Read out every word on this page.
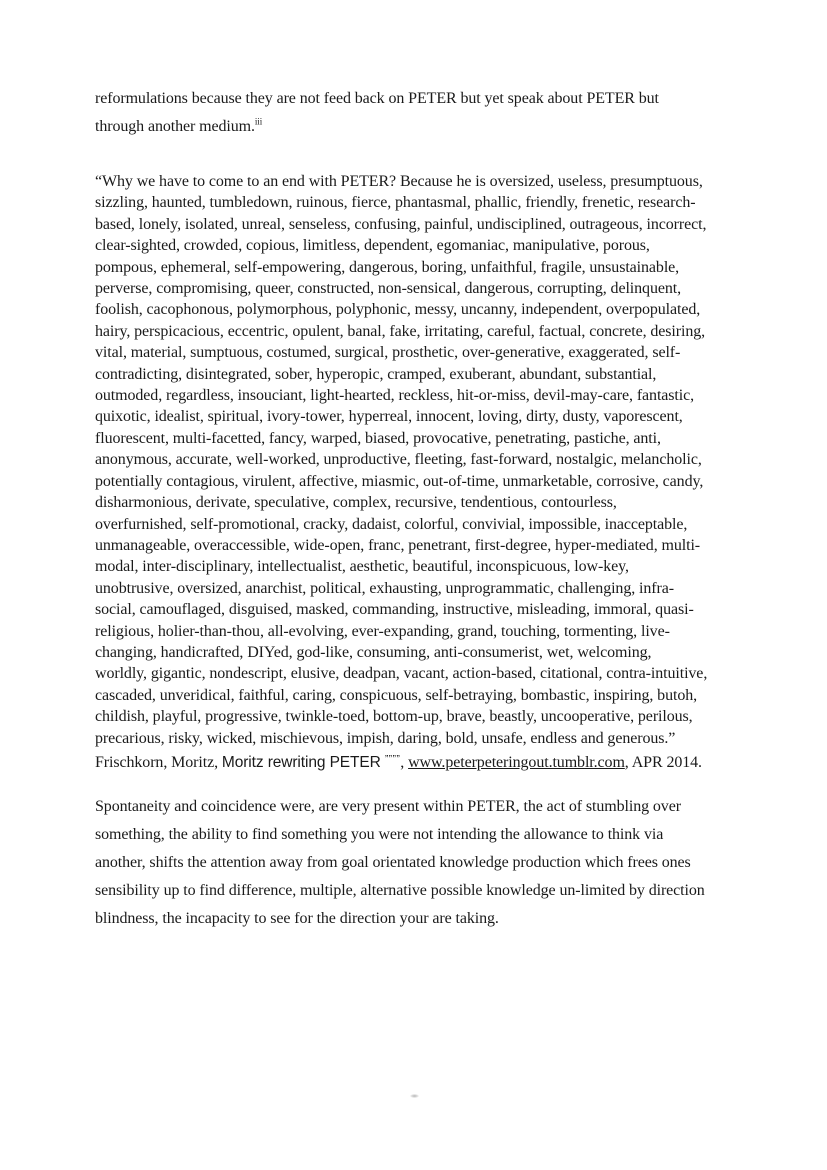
reformulations because they are not feed back on PETER but yet speak about PETER but
through another medium.$^{iii}$
“Why we have to come to an end with PETER? Because he is oversized, useless, presumptuous,
sizzling, haunted, tumbledown, ruinous, fierce, phantasmal, phallic, friendly, frenetic, research-
based, lonely, isolated, unreal, senseless, confusing, painful, undisciplined, outrageous, incorrect,
clear-sighted, crowded, copious, limitless, dependent, egomaniac, manipulative, porous,
pompous, ephemeral, self-empowering, dangerous, boring, unfaithful, fragile, unsustainable,
perverse, compromising, queer, constructed, non-sensical, dangerous, corrupting, delinquent,
foolish, cacophonous, polymorphous, polyphonic, messy, uncanny, independent, overpopulated,
hairy, perspicacious, eccentric, opulent, banal, fake, irritating, careful, factual, concrete, desiring,
vital, material, sumptuous, costumed, surgical, prosthetic, over-generative, exaggerated, self-
contradicting, disintegrated, sober, hyperopic, cramped, exuberant, abundant, substantial,
outmoded, regardless, insouciant, light-hearted, reckless, hit-or-miss, devil-may-care, fantastic,
quixotic, idealist, spiritual, ivory-tower, hyperreal, innocent, loving, dirty, dusty, vaporescent,
fluorescent, multi-facetted, fancy, warped, biased, provocative, penetrating, pastiche, anti,
anonymous, accurate, well-worked, unproductive, fleeting, fast-forward, nostalgic, melancholic,
potentially contagious, virulent, affective, miasmic, out-of-time, unmarketable, corrosive, candy,
disharmonious, derivate, speculative, complex, recursive, tendentious, contourless,
overfurnished, self-promotional, cracky, dadaist, colorful, convivial, impossible, inacceptable,
unmanageable, overaccessible, wide-open, franc, penetrant, first-degree, hyper-mediated, multi-
modal, inter-disciplinary, intellectualist, aesthetic, beautiful, inconspicuous, low-key,
unobtrusive, oversized, anarchist, political, exhausting, unprogrammatic, challenging, infra-
social, camouflaged, disguised, masked, commanding, instructive, misleading, immoral, quasi-
religious, holier-than-thou, all-evolving, ever-expanding, grand, touching, tormenting, live-
changing, handicrafted, DIYed, god-like, consuming, anti-consumerist, wet, welcoming,
worldly, gigantic, nondescript, elusive, deadpan, vacant, action-based, citational, contra-intuitive,
cascaded, unveridical, faithful, caring, conspicuous, self-betraying, bombastic, inspiring, butoh,
childish, playful, progressive, twinkle-toed, bottom-up, brave, beastly, uncooperative, perilous,
precarious, risky, wicked, mischievous, impish, daring, bold, unsafe, endless and generous.”
Frischkorn, Moritz, Moritz rewriting PETER ””””, www.peterpeteringout.tumblr.com, APR 2014.
Spontaneity and coincidence were, are very present within PETER, the act of stumbling over
something, the ability to find something you were not intending the allowance to think via
another, shifts the attention away from goal orientated knowledge production which frees ones
sensibility up to find difference, multiple, alternative possible knowledge un-limited by direction
blindness, the incapacity to see for the direction your are taking.
